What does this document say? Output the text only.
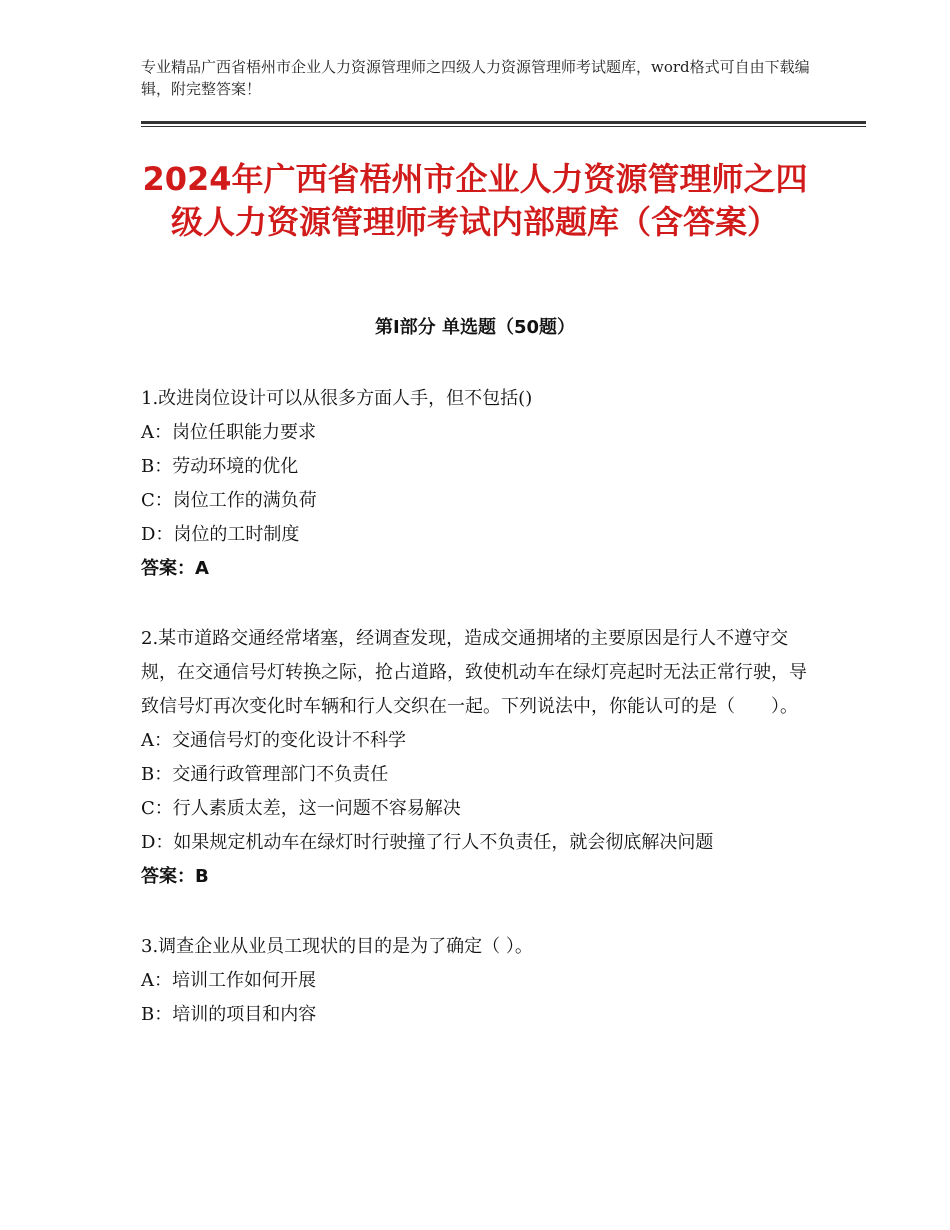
专业精品广西省梧州市企业人力资源管理师之四级人力资源管理师考试题库，word格式可自由下载编辑，附完整答案！
2024年广西省梧州市企业人力资源管理师之四级人力资源管理师考试内部题库（含答案）
第Ⅰ部分 单选题（50题）
1.改进岗位设计可以从很多方面人手，但不包括()
A：岗位任职能力要求
B：劳动环境的优化
C：岗位工作的满负荷
D：岗位的工时制度
答案：A
2.某市道路交通经常堵塞，经调查发现，造成交通拥堵的主要原因是行人不遵守交规，在交通信号灯转换之际，抢占道路，致使机动车在绿灯亮起时无法正常行驶，导致信号灯再次变化时车辆和行人交织在一起。下列说法中，你能认可的是（　　）。
A：交通信号灯的变化设计不科学
B：交通行政管理部门不负责任
C：行人素质太差，这一问题不容易解决
D：如果规定机动车在绿灯时行驶撞了行人不负责任，就会彻底解决问题
答案：B
3.调查企业从业员工现状的目的是为了确定（ ）。
A：培训工作如何开展
B：培训的项目和内容
